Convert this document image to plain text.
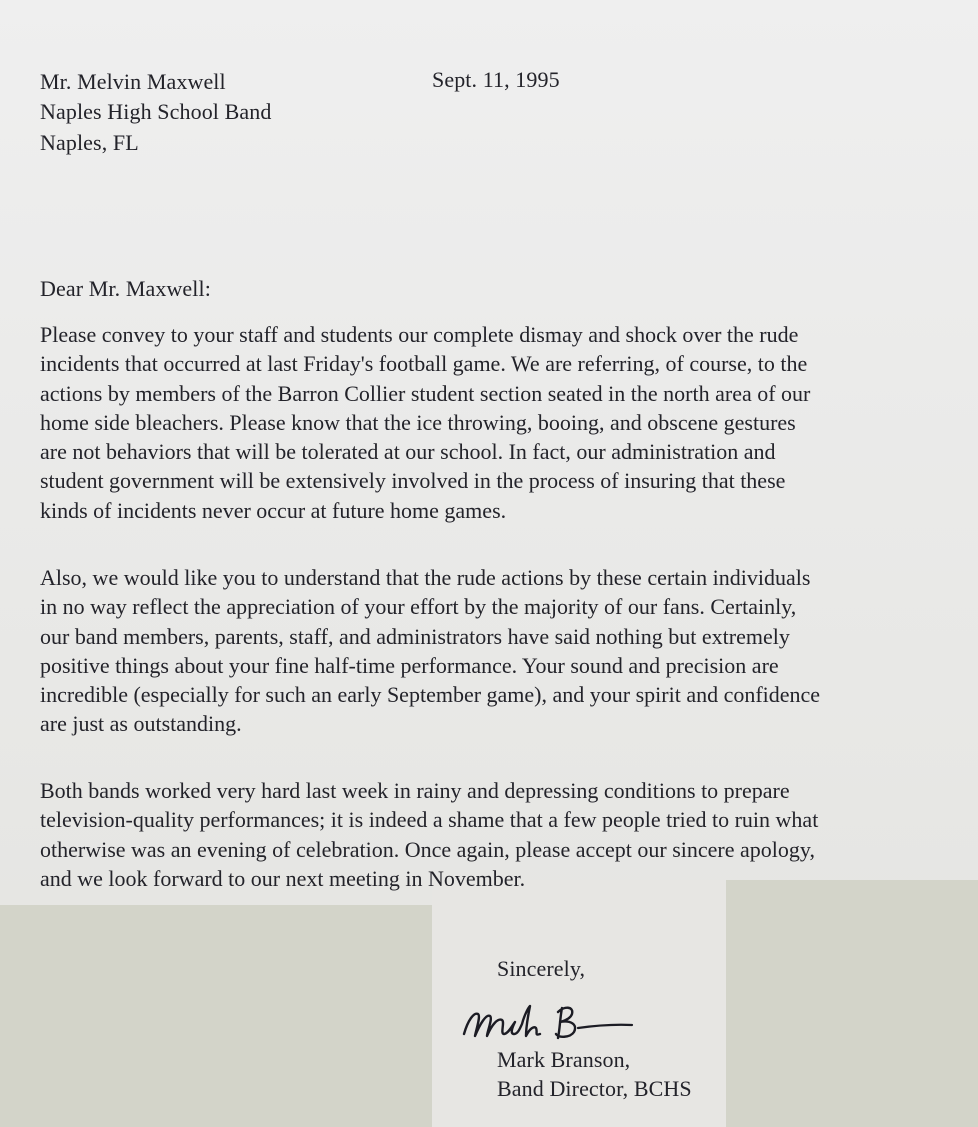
Mr. Melvin Maxwell
Naples High School Band
Naples, FL
Sept. 11, 1995
Dear Mr. Maxwell:
Please convey to your staff and students our complete dismay and shock over the rude
incidents that occurred at last Friday's football game. We are referring, of course, to the
actions by members of the Barron Collier student section seated in the north area of our
home side bleachers. Please know that the ice throwing, booing, and obscene gestures
are not behaviors that will be tolerated at our school. In fact, our administration and
student government will be extensively involved in the process of insuring that these
kinds of incidents never occur at future home games.
Also, we would like you to understand that the rude actions by these certain individuals
in no way reflect the appreciation of your effort by the majority of our fans. Certainly,
our band members, parents, staff, and administrators have said nothing but extremely
positive things about your fine half-time performance. Your sound and precision are
incredible (especially for such an early September game), and your spirit and confidence
are just as outstanding.
Both bands worked very hard last week in rainy and depressing conditions to prepare
television-quality performances; it is indeed a shame that a few people tried to ruin what
otherwise was an evening of celebration. Once again, please accept our sincere apology,
and we look forward to our next meeting in November.
Sincerely,
Mark Branson,
Band Director, BCHS
